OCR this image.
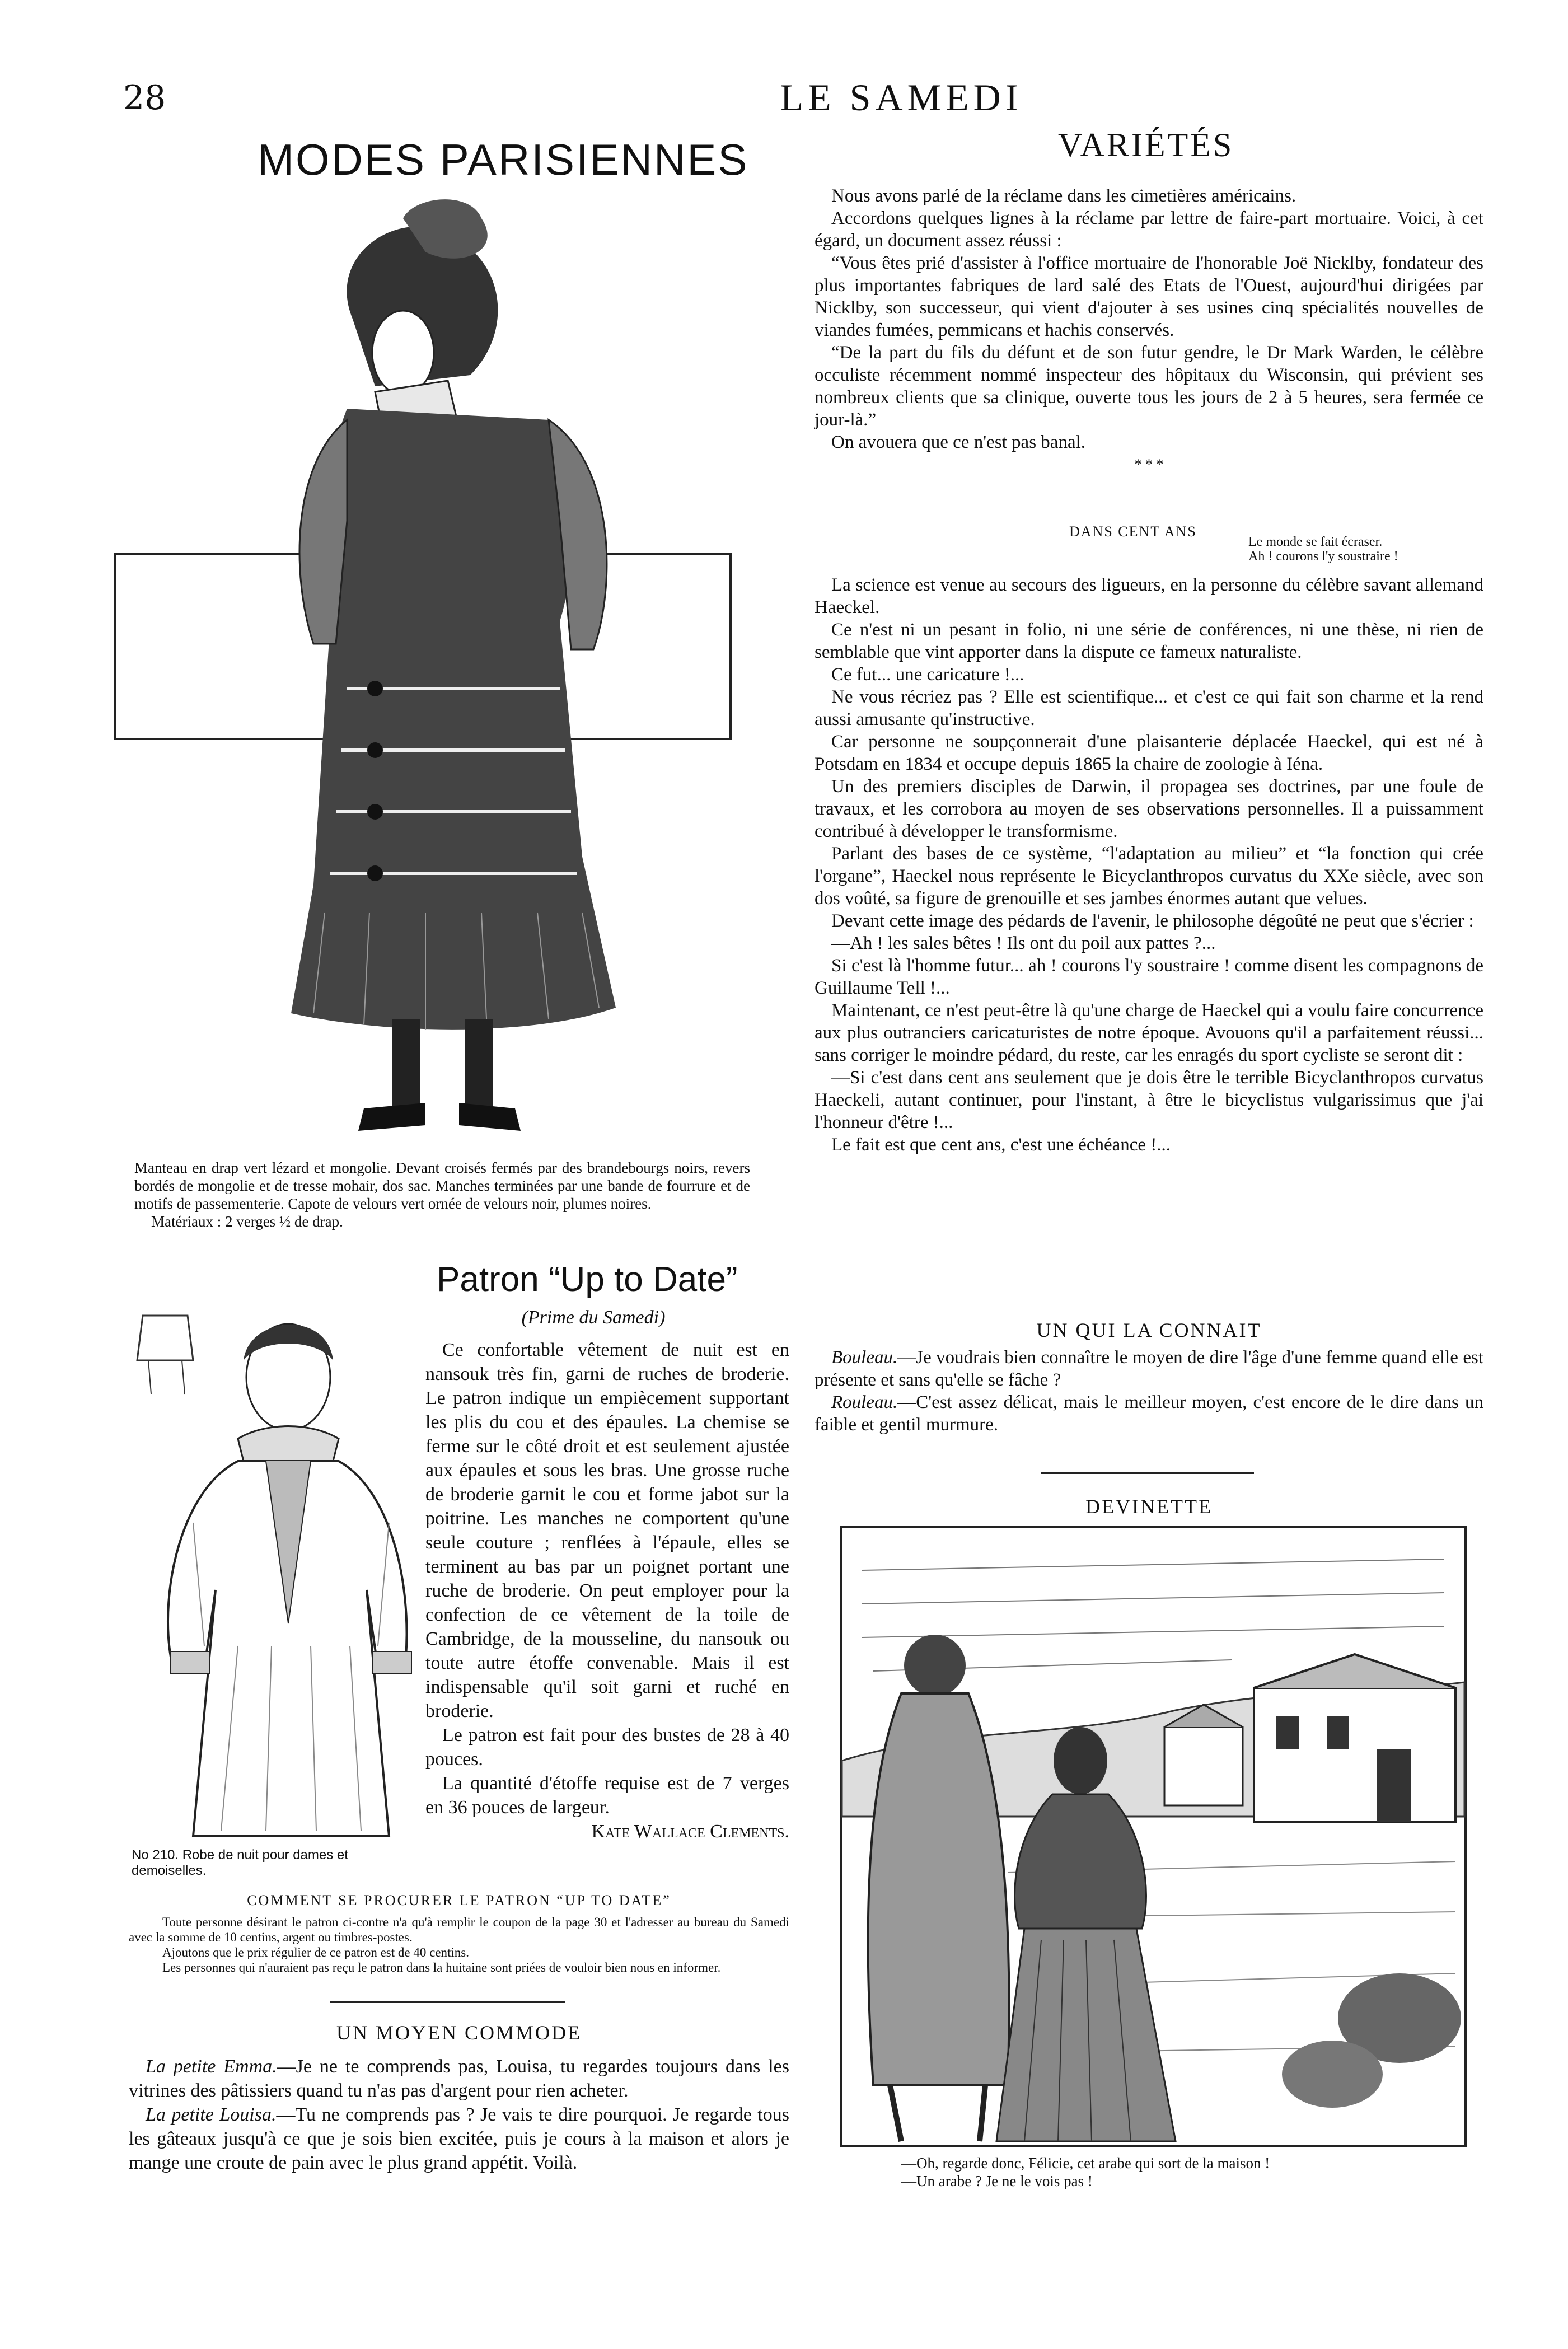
28	LE SAMEDI
MODES PARISIENNES

Manteau en drap vert lézard et mongolie. Devant croisés fermés par des brandebourgs noirs, revers bordés de mongolie et de tresse mohair, dos sac. Manches terminées par une bande de fourrure et de motifs de passementerie. Capote de velours vert ornée de velours noir, plumes noires.

Matériaux : 2 verges ½ de drap.

Patron “Up to Date”
(Prime du Samedi)

Ce confortable vêtement de nuit est en nansouk très fin, garni de ruches de broderie. Le patron indique un empiècement supportant les plis du cou et des épaules. La chemise se ferme sur le côté droit et est seulement ajustée aux épaules et sous les bras. Une grosse ruche de broderie garnit le cou et forme jabot sur la poitrine. Les manches ne comportent qu'une seule couture ; renflées à l'épaule, elles se terminent au bas par un poignet portant une ruche de broderie. On peut employer pour la confection de ce vêtement de la toile de Cambridge, de la mousseline, du nansouk ou toute autre étoffe convenable. Mais il est indispensable qu'il soit garni et ruché en broderie.

Le patron est fait pour des bustes de 28 à 40 pouces.

La quantité d'étoffe requise est de 7 verges en 36 pouces de largeur.

Kate Wallace Clements.

No 210. Robe de nuit pour dames et demoiselles.
COMMENT SE PROCURER LE PATRON “UP TO DATE”

Toute personne désirant le patron ci-contre n'a qu'à remplir le coupon de la page 30 et l'adresser au bureau du Samedi avec la somme de 10 centins, argent ou timbres-postes.

Ajoutons que le prix régulier de ce patron est de 40 centins.

Les personnes qui n'auraient pas reçu le patron dans la huitaine sont priées de vouloir bien nous en informer.

UN MOYEN COMMODE

La petite Emma.—Je ne te comprends pas, Louisa, tu regardes toujours dans les vitrines des pâtissiers quand tu n'as pas d'argent pour rien acheter.

La petite Louisa.—Tu ne comprends pas ? Je vais te dire pourquoi. Je regarde tous les gâteaux jusqu'à ce que je sois bien excitée, puis je cours à la maison et alors je mange une croute de pain avec le plus grand appétit. Voilà.

VARIÉTÉS

Nous avons parlé de la réclame dans les cimetières américains.

Accordons quelques lignes à la réclame par lettre de faire-part mortuaire. Voici, à cet égard, un document assez réussi :

“Vous êtes prié d'assister à l'office mortuaire de l'honorable Joë Nicklby, fondateur des plus importantes fabriques de lard salé des Etats de l'Ouest, aujourd'hui dirigées par Nicklby, son successeur, qui vient d'ajouter à ses usines cinq spécialités nouvelles de viandes fumées, pemmicans et hachis conservés.

“De la part du fils du défunt et de son futur gendre, le Dr Mark Warden, le célèbre occuliste récemment nommé inspecteur des hôpitaux du Wisconsin, qui prévient ses nombreux clients que sa clinique, ouverte tous les jours de 2 à 5 heures, sera fermée ce jour-là.”

On avouera que ce n'est pas banal.

* * *

DANS CENT ANS

Le monde se fait écraser.

Ah ! courons l'y soustraire !

La science est venue au secours des ligueurs, en la personne du célèbre savant allemand Haeckel.

Ce n'est ni un pesant in folio, ni une série de conférences, ni une thèse, ni rien de semblable que vint apporter dans la dispute ce fameux naturaliste.

Ce fut... une caricature !...

Ne vous récriez pas ? Elle est scientifique... et c'est ce qui fait son charme et la rend aussi amusante qu'instructive.

Car personne ne soupçonnerait d'une plaisanterie déplacée Haeckel, qui est né à Potsdam en 1834 et occupe depuis 1865 la chaire de zoologie à Iéna.

Un des premiers disciples de Darwin, il propagea ses doctrines, par une foule de travaux, et les corrobora au moyen de ses observations personnelles. Il a puissamment contribué à développer le transformisme.

Parlant des bases de ce système, “l'adaptation au milieu” et “la fonction qui crée l'organe”, Haeckel nous représente le Bicyclanthropos curvatus du XXe siècle, avec son dos voûté, sa figure de grenouille et ses jambes énormes autant que velues.

Devant cette image des pédards de l'avenir, le philosophe dégoûté ne peut que s'écrier :

—Ah ! les sales bêtes ! Ils ont du poil aux pattes ?...

Si c'est là l'homme futur... ah ! courons l'y soustraire ! comme disent les compagnons de Guillaume Tell !...

Maintenant, ce n'est peut-être là qu'une charge de Haeckel qui a voulu faire concurrence aux plus outranciers caricaturistes de notre époque. Avouons qu'il a parfaitement réussi... sans corriger le moindre pédard, du reste, car les enragés du sport cycliste se seront dit :

—Si c'est dans cent ans seulement que je dois être le terrible Bicyclanthropos curvatus Haeckeli, autant continuer, pour l'instant, à être le bicyclistus vulgarissimus que j'ai l'honneur d'être !...

Le fait est que cent ans, c'est une échéance !...

UN QUI LA CONNAIT

Bouleau.—Je voudrais bien connaître le moyen de dire l'âge d'une femme quand elle est présente et sans qu'elle se fâche ?

Rouleau.—C'est assez délicat, mais le meilleur moyen, c'est encore de le dire dans un faible et gentil murmure.

DEVINETTE

—Oh, regarde donc, Félicie, cet arabe qui sort de la maison !

—Un arabe ? Je ne le vois pas !
